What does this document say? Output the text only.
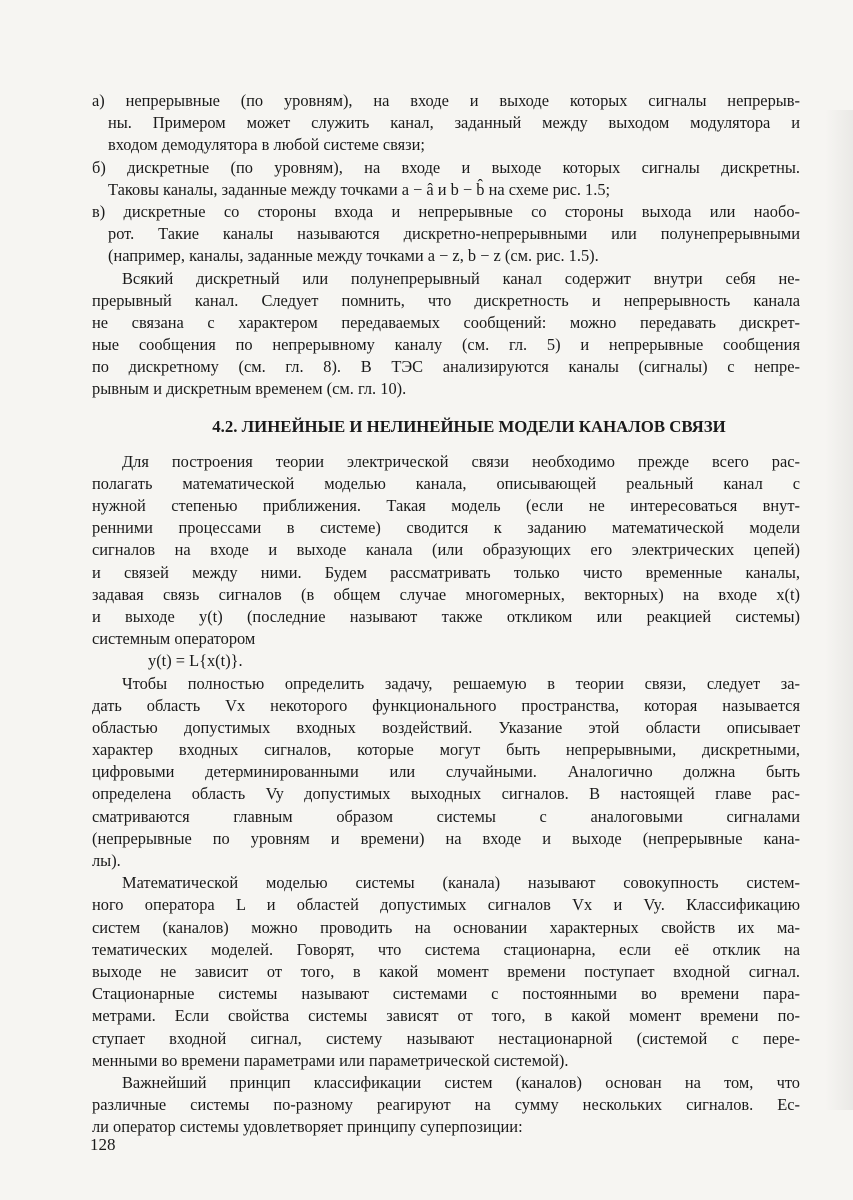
а) непрерывные (по уровням), на входе и выходе которых сигналы непрерыв-
ны. Примером может служить канал, заданный между выходом модулятора и
входом демодулятора в любой системе связи;
б) дискретные (по уровням), на входе и выходе которых сигналы дискретны.
Таковы каналы, заданные между точками a − â и b − b̂ на схеме рис. 1.5;
в) дискретные со стороны входа и непрерывные со стороны выхода или наобо-
рот. Такие каналы называются дискретно-непрерывными или полунепрерывными
(например, каналы, заданные между точками a − z, b − z (см. рис. 1.5).
Всякий дискретный или полунепрерывный канал содержит внутри себя не-
прерывный канал. Следует помнить, что дискретность и непрерывность канала
не связана с характером передаваемых сообщений: можно передавать дискрет-
ные сообщения по непрерывному каналу (см. гл. 5) и непрерывные сообщения
по дискретному (см. гл. 8). В ТЭС анализируются каналы (сигналы) с непре-
рывным и дискретным временем (см. гл. 10).
4.2. ЛИНЕЙНЫЕ И НЕЛИНЕЙНЫЕ МОДЕЛИ КАНАЛОВ СВЯЗИ
Для построения теории электрической связи необходимо прежде всего рас-
полагать математической моделью канала, описывающей реальный канал с
нужной степенью приближения. Такая модель (если не интересоваться внут-
ренними процессами в системе) сводится к заданию математической модели
сигналов на входе и выходе канала (или образующих его электрических цепей)
и связей между ними. Будем рассматривать только чисто временные каналы,
задавая связь сигналов (в общем случае многомерных, векторных) на входе x(t)
и выходе y(t) (последние называют также откликом или реакцией системы)
системным оператором
y(t) = L{x(t)}.
Чтобы полностью определить задачу, решаемую в теории связи, следует за-
дать область Vx некоторого функционального пространства, которая называется
областью допустимых входных воздействий. Указание этой области описывает
характер входных сигналов, которые могут быть непрерывными, дискретными,
цифровыми детерминированными или случайными. Аналогично должна быть
определена область Vy допустимых выходных сигналов. В настоящей главе рас-
сматриваются главным образом системы с аналоговыми сигналами
(непрерывные по уровням и времени) на входе и выходе (непрерывные кана-
лы).
Математической моделью системы (канала) называют совокупность систем-
ного оператора L и областей допустимых сигналов Vx и Vy. Классификацию
систем (каналов) можно проводить на основании характерных свойств их ма-
тематических моделей. Говорят, что система стационарна, если её отклик на
выходе не зависит от того, в какой момент времени поступает входной сигнал.
Стационарные системы называют системами с постоянными во времени пара-
метрами. Если свойства системы зависят от того, в какой момент времени по-
ступает входной сигнал, систему называют нестационарной (системой с пере-
менными во времени параметрами или параметрической системой).
Важнейший принцип классификации систем (каналов) основан на том, что
различные системы по-разному реагируют на сумму нескольких сигналов. Ес-
ли оператор системы удовлетворяет принципу суперпозиции:
128
